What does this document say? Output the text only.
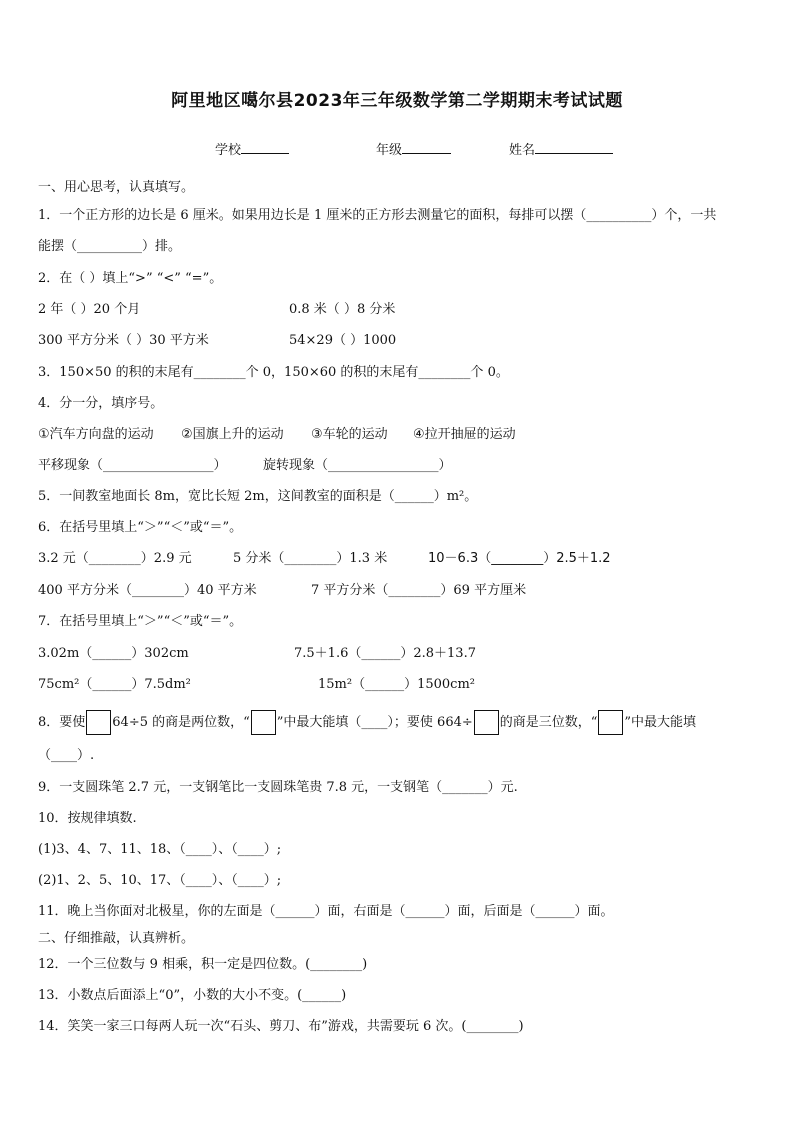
阿里地区噶尔县2023年三年级数学第二学期期末考试试题
学校	年级	姓名
一、用心思考，认真填写。
1．一个正方形的边长是 6 厘米。如果用边长是 1 厘米的正方形去测量它的面积，每排可以摆（__________）个，一共
能摆（__________）排。
2．在（ ）填上“>” “<” “=”。
2 年（ ）20 个月	0.8 米（ ）8 分米
300 平方分米（ ）30 平方米	54×29（ ）1000
3．150×50 的积的末尾有________个 0，150×60 的积的末尾有________个 0。
4．分一分，填序号。
①汽车方向盘的运动 ②国旗上升的运动 ③车轮的运动 ④拉开抽屉的运动
平移现象（_________________）	旋转现象（_________________）
5．一间教室地面长 8m，宽比长短 2m，这间教室的面积是（______）m²。
6．在括号里填上“＞”“＜”或“＝”。
3.2 元（________）2.9 元	5 分米（________）1.3 米	10－6.3（________）2.5＋1.2
400 平方分米（________）40 平方米	7 平方分米（________）69 平方厘米
7．在括号里填上“＞”“＜”或“＝”。
3.02m（______）302cm	7.5＋1.6（______）2.8＋13.7
75cm²（______）7.5dm²	15m²（______）1500cm²
8．要使 64÷5 的商是两位数，“ ”中最大能填（____）；要使 664÷ 的商是三位数，“ ”中最大能填
（____）.
9．一支圆珠笔 2.7 元，一支钢笔比一支圆珠笔贵 7.8 元，一支钢笔（_______）元.
10．按规律填数.
(1)3、4、7、11、18、（____）、（____）;
(2)1、2、5、10、17、（____）、（____）;
11．晚上当你面对北极星，你的左面是（______）面，右面是（______）面，后面是（______）面。
二、仔细推敲，认真辨析。
12．一个三位数与 9 相乘，积一定是四位数。(________)
13．小数点后面添上“0”，小数的大小不变。(______)
14．笑笑一家三口每两人玩一次“石头、剪刀、布”游戏，共需要玩 6 次。(________)
